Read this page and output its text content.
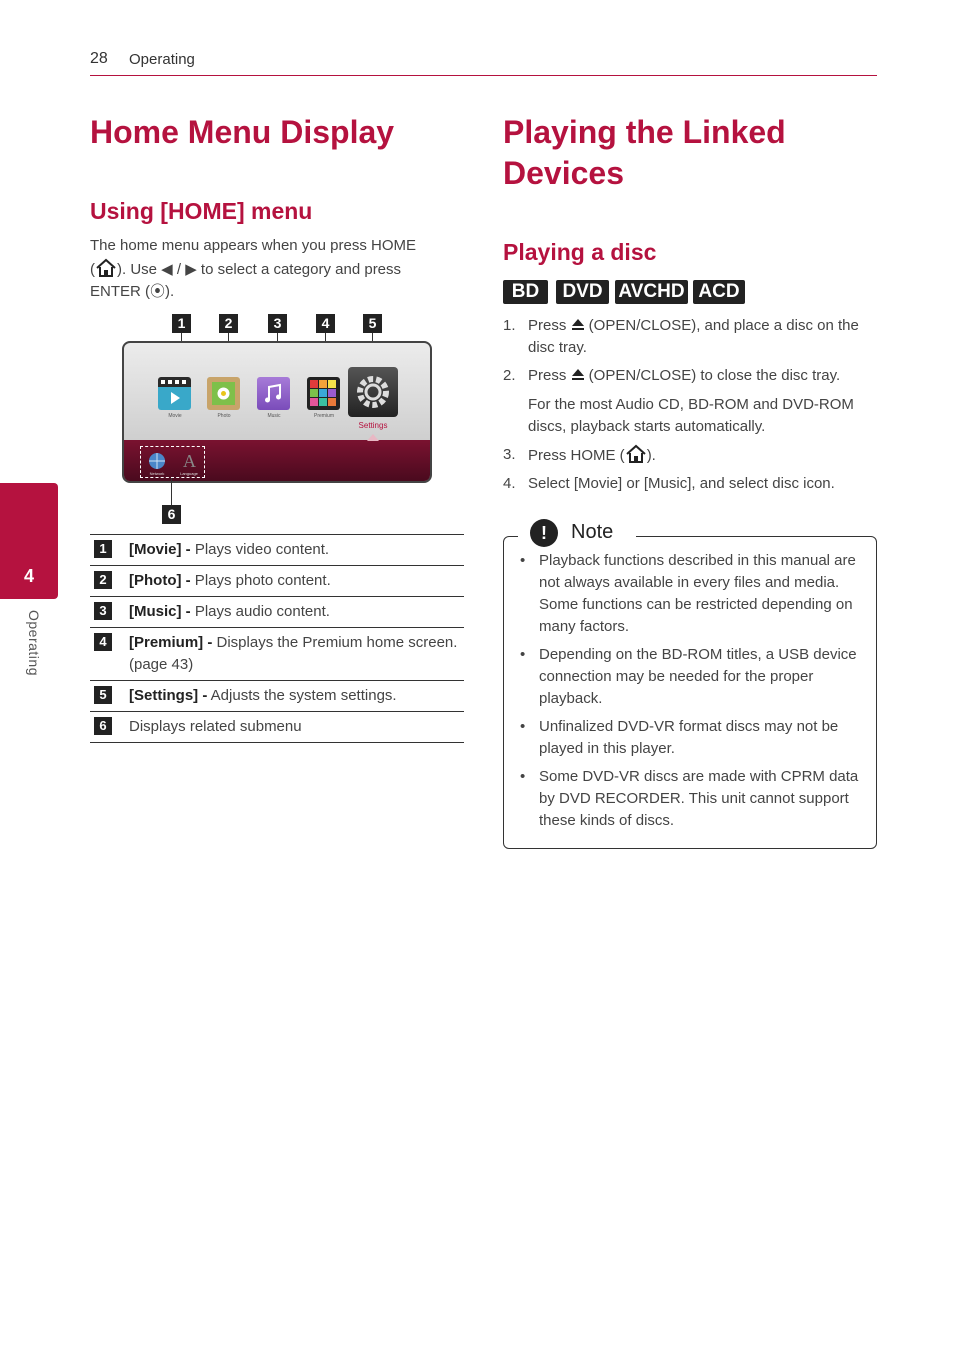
28 Operating
4
Operating
Home Menu Display
Using [HOME] menu
The home menu appears when you press HOME
( ). Use ◀ / ▶ to select a category and press
ENTER (⦿).
1	2	3	4	5
Movie	Photo	Music	Premium
Settings
A
Network	Language
6
1	[Movie] - Plays video content.
2	[Photo] - Plays photo content.
3	[Music] - Plays audio content.
4	[Premium] - Displays the Premium home screen. (page 43)
5	[Settings] - Adjusts the system settings.
6	Displays related submenu
Playing the Linked
Devices
Playing a disc
BD	DVD AVCHD ACD
1. Press  (OPEN/CLOSE), and place a disc on the disc tray.
2. Press  (OPEN/CLOSE) to close the disc tray.
For the most Audio CD, BD-ROM and DVD-ROM discs, playback starts automatically.
3. Press HOME ( ).
4. Select [Movie] or [Music], and select disc icon.
!	Note
• Playback functions described in this manual are not always available in every files and media. Some functions can be restricted depending on many factors.
• Depending on the BD-ROM titles, a USB device connection may be needed for the proper playback.
• Unfinalized DVD-VR format discs may not be played in this player.
• Some DVD-VR discs are made with CPRM data by DVD RECORDER. This unit cannot support these kinds of discs.
